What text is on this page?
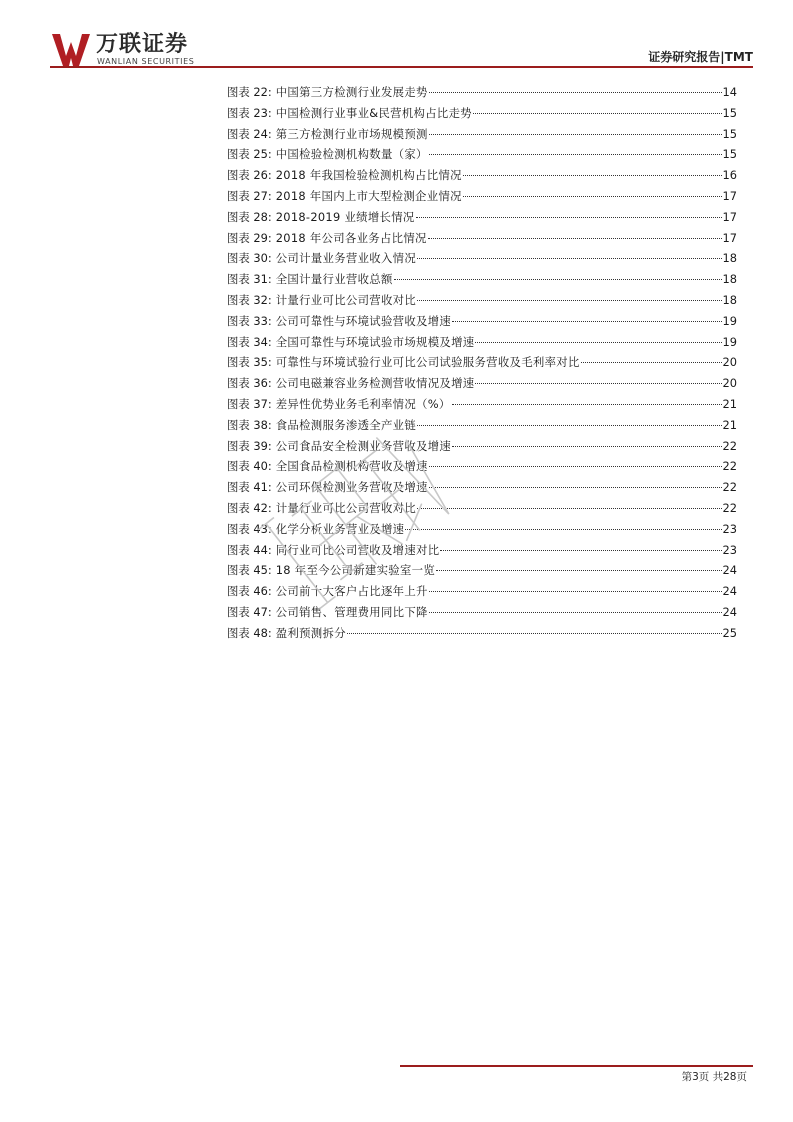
万联证券
WANLIAN SECURITIES	证券研究报告|TMT
图表 22: 中国第三方检测行业发展走势	14
图表 23: 中国检测行业事业&民营机构占比走势	15
图表 24: 第三方检测行业市场规模预测	15
图表 25: 中国检验检测机构数量（家）	15
图表 26: 2018 年我国检验检测机构占比情况	16
图表 27: 2018 年国内上市大型检测企业情况	17
图表 28: 2018-2019 业绩增长情况	17
图表 29: 2018 年公司各业务占比情况	17
图表 30: 公司计量业务营业收入情况	18
图表 31: 全国计量行业营收总额	18
图表 32: 计量行业可比公司营收对比	18
图表 33: 公司可靠性与环境试验营收及增速	19
图表 34: 全国可靠性与环境试验市场规模及增速	19
图表 35: 可靠性与环境试验行业可比公司试验服务营收及毛利率对比	20
图表 36: 公司电磁兼容业务检测营收情况及增速	20
图表 37: 差异性优势业务毛利率情况（%）	21
图表 38: 食品检测服务渗透全产业链	21
图表 39: 公司食品安全检测业务营收及增速	22
图表 40: 全国食品检测机构营收及增速	22
图表 41: 公司环保检测业务营收及增速	22
图表 42: 计量行业可比公司营收对比	22
图表 43: 化学分析业务营业及增速	23
图表 44: 同行业可比公司营收及增速对比	23
图表 45: 18 年至今公司新建实验室一览	24
图表 46: 公司前十大客户占比逐年上升	24
图表 47: 公司销售、管理费用同比下降	24
图表 48: 盈利预测拆分	25
第3页 共28页
